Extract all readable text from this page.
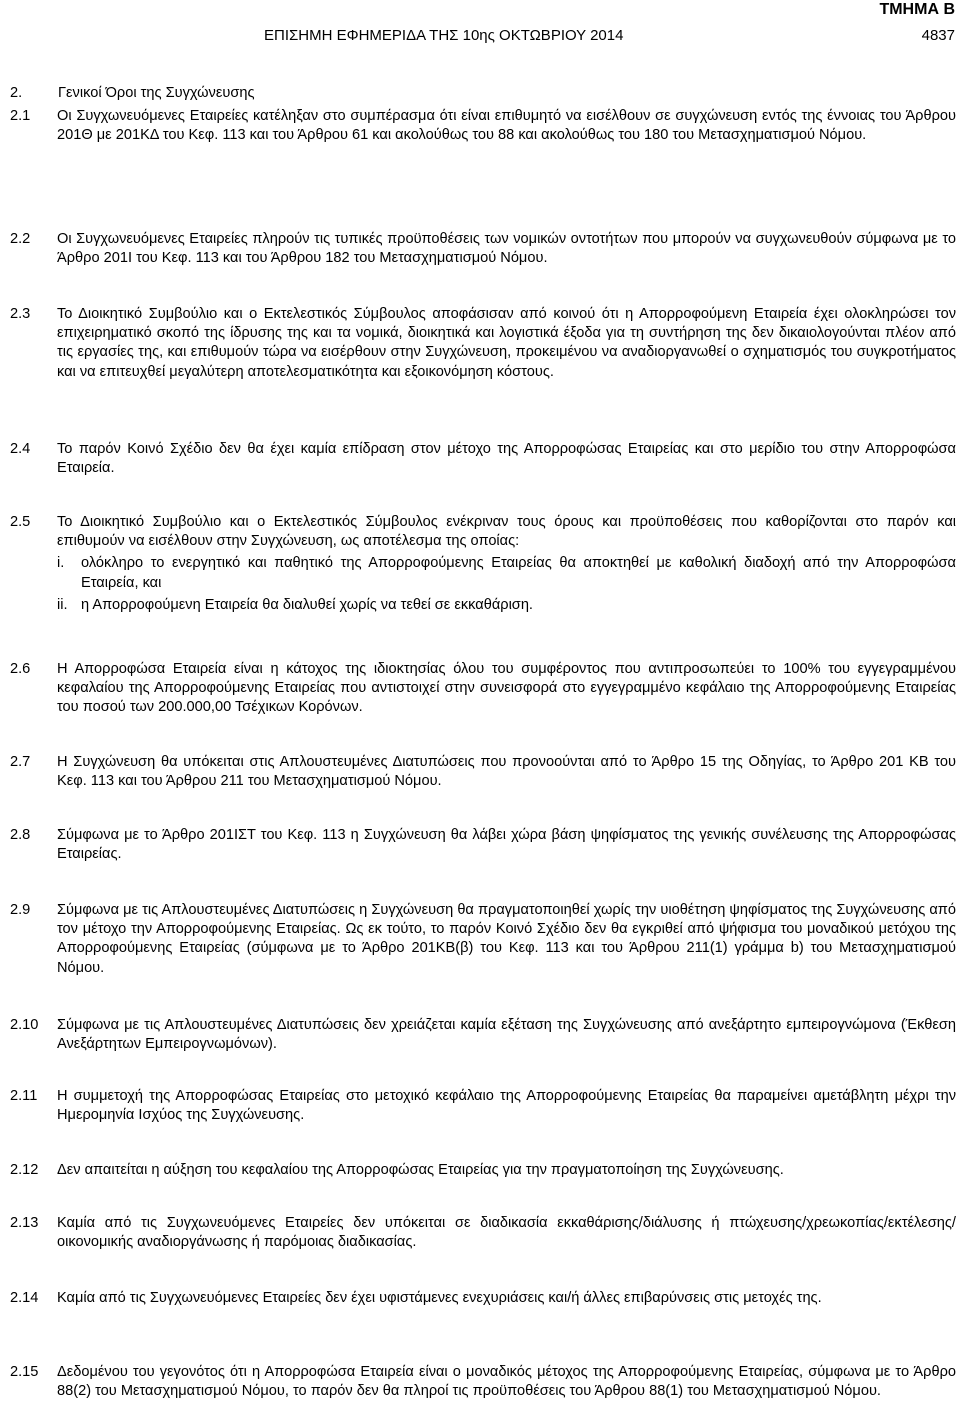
ΤΜΗΜΑ Β
ΕΠΙΣΗΜΗ ΕΦΗΜΕΡΙΔΑ ΤΗΣ 10ης ΟΚΤΩΒΡΙΟΥ 2014	4837
2. Γενικοί Όροι της Συγχώνευσης
2.1 Οι Συγχωνευόμενες Εταιρείες κατέληξαν στο συμπέρασμα ότι είναι επιθυμητό να εισέλθουν σε συγχώνευση εντός της έννοιας του Άρθρου 201Θ με 201ΚΔ του Κεφ. 113 και του Άρθρου 61 και ακολούθως του 88 και ακολούθως του 180 του Μετασχηματισμού Νόμου.

2.2 Οι Συγχωνευόμενες Εταιρείες πληρούν τις τυπικές προϋποθέσεις των νομικών οντοτήτων που μπορούν να συγχωνευθούν σύμφωνα με το Άρθρο 201Ι του Κεφ. 113 και του Άρθρου 182 του Μετασχηματισμού Νόμου.

2.3 Το Διοικητικό Συμβούλιο και ο Εκτελεστικός Σύμβουλος αποφάσισαν από κοινού ότι η Απορροφούμενη Εταιρεία έχει ολοκληρώσει τον επιχειρηματικό σκοπό της ίδρυσης της και τα νομικά, διοικητικά και λογιστικά έξοδα για τη συντήρηση της δεν δικαιολογούνται πλέον από τις εργασίες της, και επιθυμούν τώρα να εισέρθουν στην Συγχώνευση, προκειμένου να αναδιοργανωθεί ο σχηματισμός του συγκροτήματος και να επιτευχθεί μεγαλύτερη αποτελεσματικότητα και εξοικονόμηση κόστους.

2.4 Το παρόν Κοινό Σχέδιο δεν θα έχει καμία επίδραση στον μέτοχο της Απορροφώσας Εταιρείας και στο μερίδιο του στην Απορροφώσα Εταιρεία.

2.5 Το Διοικητικό Συμβούλιο και ο Εκτελεστικός Σύμβουλος ενέκριναν τους όρους και προϋποθέσεις που καθορίζονται στο παρόν και επιθυμούν να εισέλθουν στην Συγχώνευση, ως αποτέλεσμα της οποίας:

i. ολόκληρο το ενεργητικό και παθητικό της Απορροφούμενης Εταιρείας θα αποκτηθεί με καθολική διαδοχή από την Απορροφώσα Εταιρεία, και

ii. η Απορροφούμενη Εταιρεία θα διαλυθεί χωρίς να τεθεί σε εκκαθάριση.

2.6 Η Απορροφώσα Εταιρεία είναι η κάτοχος της ιδιοκτησίας όλου του συμφέροντος που αντιπροσωπεύει το 100% του εγγεγραμμένου κεφαλαίου της Απορροφούμενης Εταιρείας που αντιστοιχεί στην συνεισφορά στο εγγεγραμμένο κεφάλαιο της Απορροφούμενης Εταιρείας του ποσού των 200.000,00 Τσέχικων Κορόνων.

2.7 Η Συγχώνευση θα υπόκειται στις Απλουστευμένες Διατυπώσεις που προνοούνται από το Άρθρο 15 της Οδηγίας, το Άρθρο 201 ΚΒ του Κεφ. 113 και του Άρθρου 211 του Μετασχηματισμού Νόμου.

2.8 Σύμφωνα με το Άρθρο 201ΙΣΤ του Κεφ. 113 η Συγχώνευση θα λάβει χώρα βάση ψηφίσματος της γενικής συνέλευσης της Απορροφώσας Εταιρείας.

2.9 Σύμφωνα με τις Απλουστευμένες Διατυπώσεις η Συγχώνευση θα πραγματοποιηθεί χωρίς την υιοθέτηση ψηφίσματος της Συγχώνευσης από τον μέτοχο την Απορροφούμενης Εταιρείας. Ως εκ τούτο, το παρόν Κοινό Σχέδιο δεν θα εγκριθεί από ψήφισμα του μοναδικού μετόχου της Απορροφούμενης Εταιρείας (σύμφωνα με το Άρθρο 201ΚΒ(β) του Κεφ. 113 και του Άρθρου 211(1) γράμμα b) του Μετασχηματισμού Νόμου.

2.10 Σύμφωνα με τις Απλουστευμένες Διατυπώσεις δεν χρειάζεται καμία εξέταση της Συγχώνευσης από ανεξάρτητο εμπειρογνώμονα (Έκθεση Ανεξάρτητων Εμπειρογνωμόνων).

2.11 Η συμμετοχή της Απορροφώσας Εταιρείας στο μετοχικό κεφάλαιο της Απορροφούμενης Εταιρείας θα παραμείνει αμετάβλητη μέχρι την Ημερομηνία Ισχύος της Συγχώνευσης.

2.12 Δεν απαιτείται η αύξηση του κεφαλαίου της Απορροφώσας Εταιρείας για την πραγματοποίηση της Συγχώνευσης.

2.13 Καμία από τις Συγχωνευόμενες Εταιρείες δεν υπόκειται σε διαδικασία εκκαθάρισης/διάλυσης ή πτώχευσης/χρεωκοπίας/εκτέλεσης/οικονομικής αναδιοργάνωσης ή παρόμοιας διαδικασίας.

2.14 Καμία από τις Συγχωνευόμενες Εταιρείες δεν έχει υφιστάμενες ενεχυριάσεις και/ή άλλες επιβαρύνσεις στις μετοχές της.

2.15 Δεδομένου του γεγονότος ότι η Απορροφώσα Εταιρεία είναι ο μοναδικός μέτοχος της Απορροφούμενης Εταιρείας, σύμφωνα με το Άρθρο 88(2) του Μετασχηματισμού Νόμου, το παρόν δεν θα πληροί τις προϋποθέσεις του Άρθρου 88(1) του Μετασχηματισμού Νόμου.
